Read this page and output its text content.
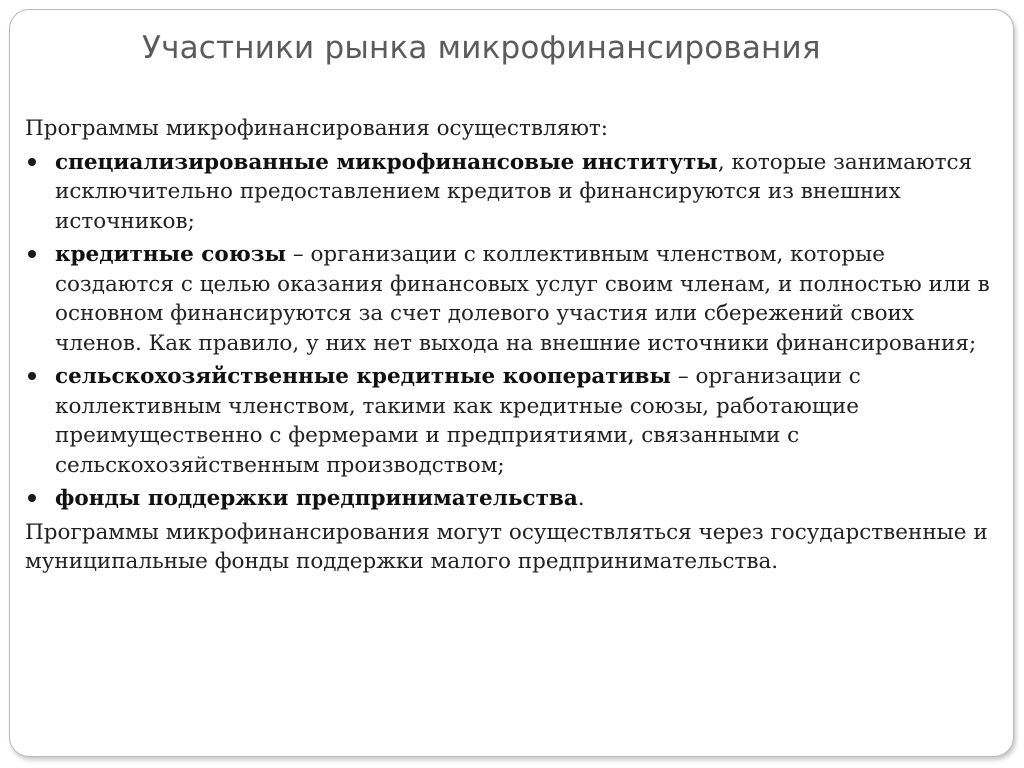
Участники рынка микрофинансирования

Программы микрофинансирования осуществляют:

специализированные микрофинансовые институты, которые занимаются исключительно предоставлением кредитов и финансируются из внешних источников;
кредитные союзы – организации с коллективным членством, которые создаются с целью оказания финансовых услуг своим членам, и полностью или в основном финансируются за счет долевого участия или сбережений своих членов. Как правило, у них нет выхода на внешние источники финансирования;
сельскохозяйственные кредитные кооперативы – организации с коллективным членством, такими как кредитные союзы, работающие преимущественно с фермерами и предприятиями, связанными с сельскохозяйственным производством;
фонды поддержки предпринимательства.

Программы микрофинансирования могут осуществляться через государственные и муниципальные фонды поддержки малого предпринимательства.
